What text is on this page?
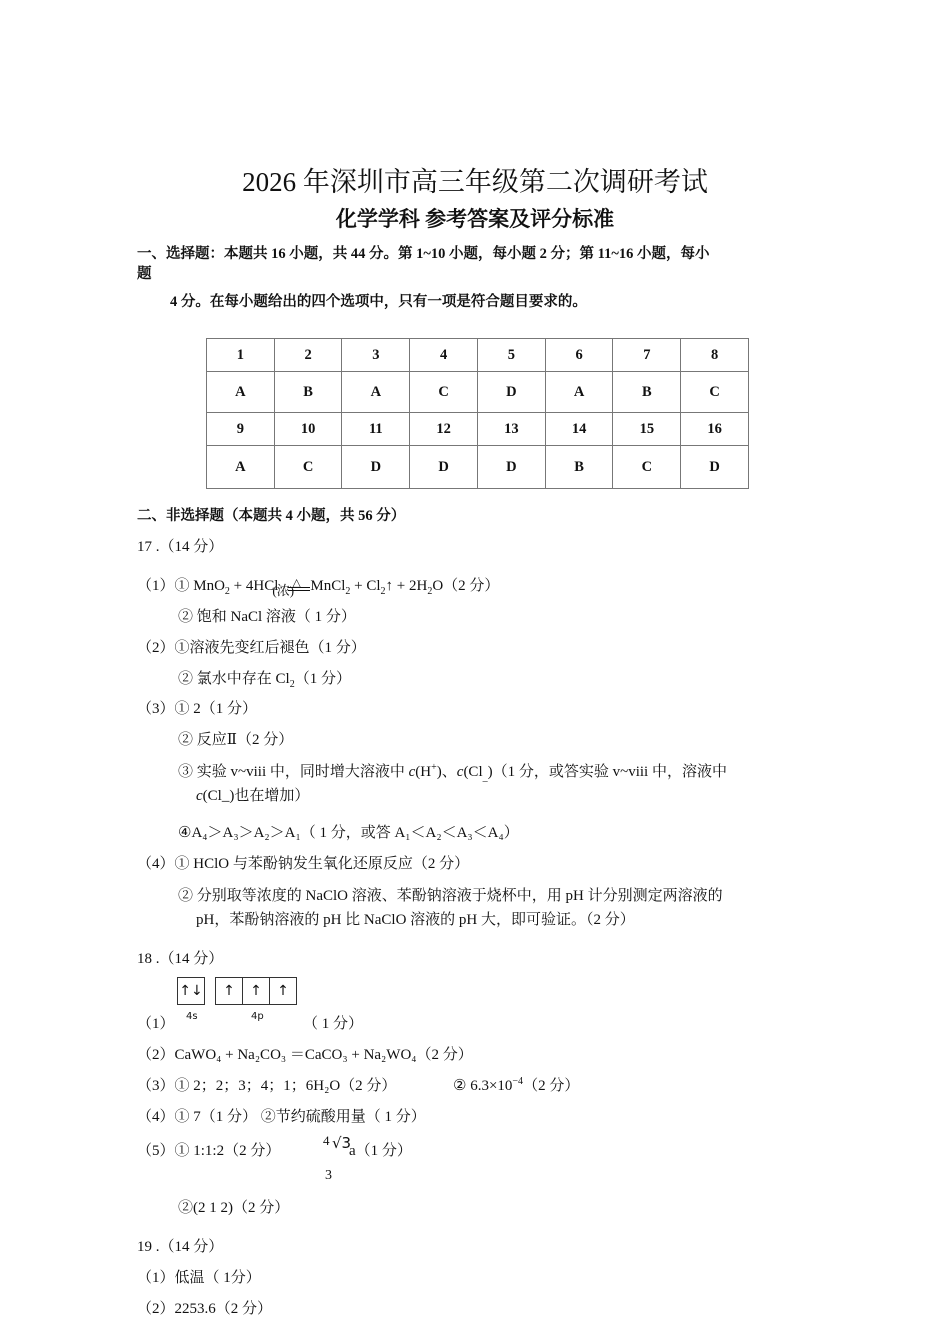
2026 年深圳市高三年级第二次调研考试
化学学科 参考答案及评分标准
一、选择题：本题共 16 小题，共 44 分。第 1~10 小题，每小题 2 分；第 11~16 小题，每小
题
4 分。在每小题给出的四个选项中，只有一项是符合题目要求的。
1	2	3	4	5	6	7	8
A	B	A	C	D	A	B	C
9	10	11	12	13	14	15	16
A	C	D	D	D	B	C	D
二、非选择题（本题共 4 小题，共 56 分）
17 .（14 分）
（1）① MnO$_2$ + 4HCl
(浓)
△ MnCl$_2$ + $Cl_2↑ + 2H_2O(2$ 分）
② 饱和 NaCl 溶液（ 1 分）
（2）①溶液先变红后褪色（1 分）
② 氯水中存在 $Cl_2(1$ 分）
（3）① 2（1 分）
② 反应Ⅱ（2 分）
③ 实验 v~viii 中，同时增大溶液中 c(H+)、$c(Cl_{\_})(1$ 分，或答实验 v~viii 中，溶液中
c(Cl_)也在增加）
④A₄＞A₃＞A₂＞A₁（ 1 分，或答 A₁＜A₂＜A₃＜A₄）
（4）① HClO 与苯酚钠发生氧化还原反应（2 分）
② 分别取等浓度的 NaClO 溶液、苯酚钠溶液于烧杯中，用 pH 计分别测定两溶液的
pH，苯酚钠溶液的 pH 比 NaClO 溶液的 pH 大，即可验证。（2 分）
18 .（14 分）
↑↓	↑	↑	↑
（1） 4s	4p	（ 1 分）
（2）CaWO₄ + Na₂CO₃ ＝CaCO₃ + Na₂WO₄（2 分）
（3）① 2；2；3；4；1；6H₂O（2 分）	② $6.3\times 10^{-4}(2$ 分）
（4）① 7（1 分） ②节约硫酸用量（ 1 分）
（5）① 1:1:2（2 分）
4 √3
a（1 分）
3
②(2 1 2)（2 分）
19 .（14 分）
（1）低温（ 1分）
（2）2253.6（2 分）
